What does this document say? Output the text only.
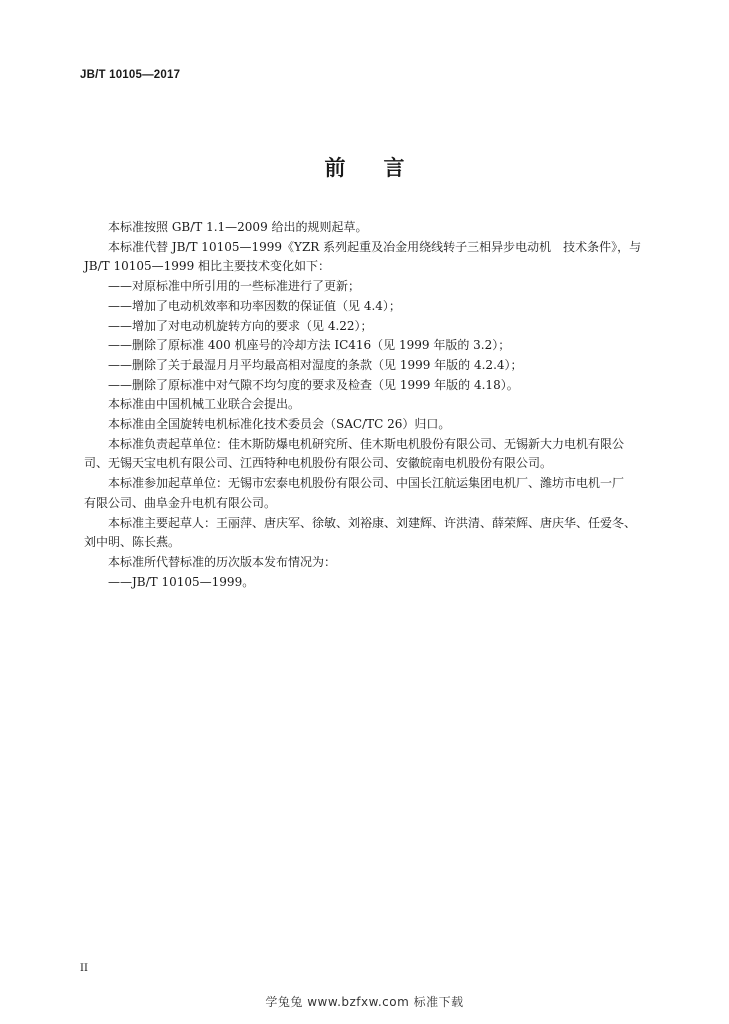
JB/T 10105—2017
前言

本标准按照 GB/T 1.1—2009 给出的规则起草。

本标准代替 JB/T 10105—1999《YZR 系列起重及冶金用绕线转子三相异步电动机　技术条件》，与

JB/T 10105—1999 相比主要技术变化如下：

——对原标准中所引用的一些标准进行了更新；

——增加了电动机效率和功率因数的保证值（见 4.4）；

——增加了对电动机旋转方向的要求（见 4.22）；

——删除了原标准 400 机座号的冷却方法 IC416（见 1999 年版的 3.2）；

——删除了关于最湿月月平均最高相对湿度的条款（见 1999 年版的 4.2.4）；

——删除了原标准中对气隙不均匀度的要求及检查（见 1999 年版的 4.18）。

本标准由中国机械工业联合会提出。

本标准由全国旋转电机标准化技术委员会（SAC/TC 26）归口。

本标准负责起草单位：佳木斯防爆电机研究所、佳木斯电机股份有限公司、无锡新大力电机有限公

司、无锡天宝电机有限公司、江西特种电机股份有限公司、安徽皖南电机股份有限公司。

本标准参加起草单位：无锡市宏泰电机股份有限公司、中国长江航运集团电机厂、潍坊市电机一厂

有限公司、曲阜金升电机有限公司。

本标准主要起草人：王丽萍、唐庆军、徐敏、刘裕康、刘建辉、许洪清、薛荣辉、唐庆华、任爱冬、

刘中明、陈长燕。

本标准所代替标准的历次版本发布情况为：

——JB/T 10105—1999。

II
学兔兔 www.bzfxw.com 标准下载
